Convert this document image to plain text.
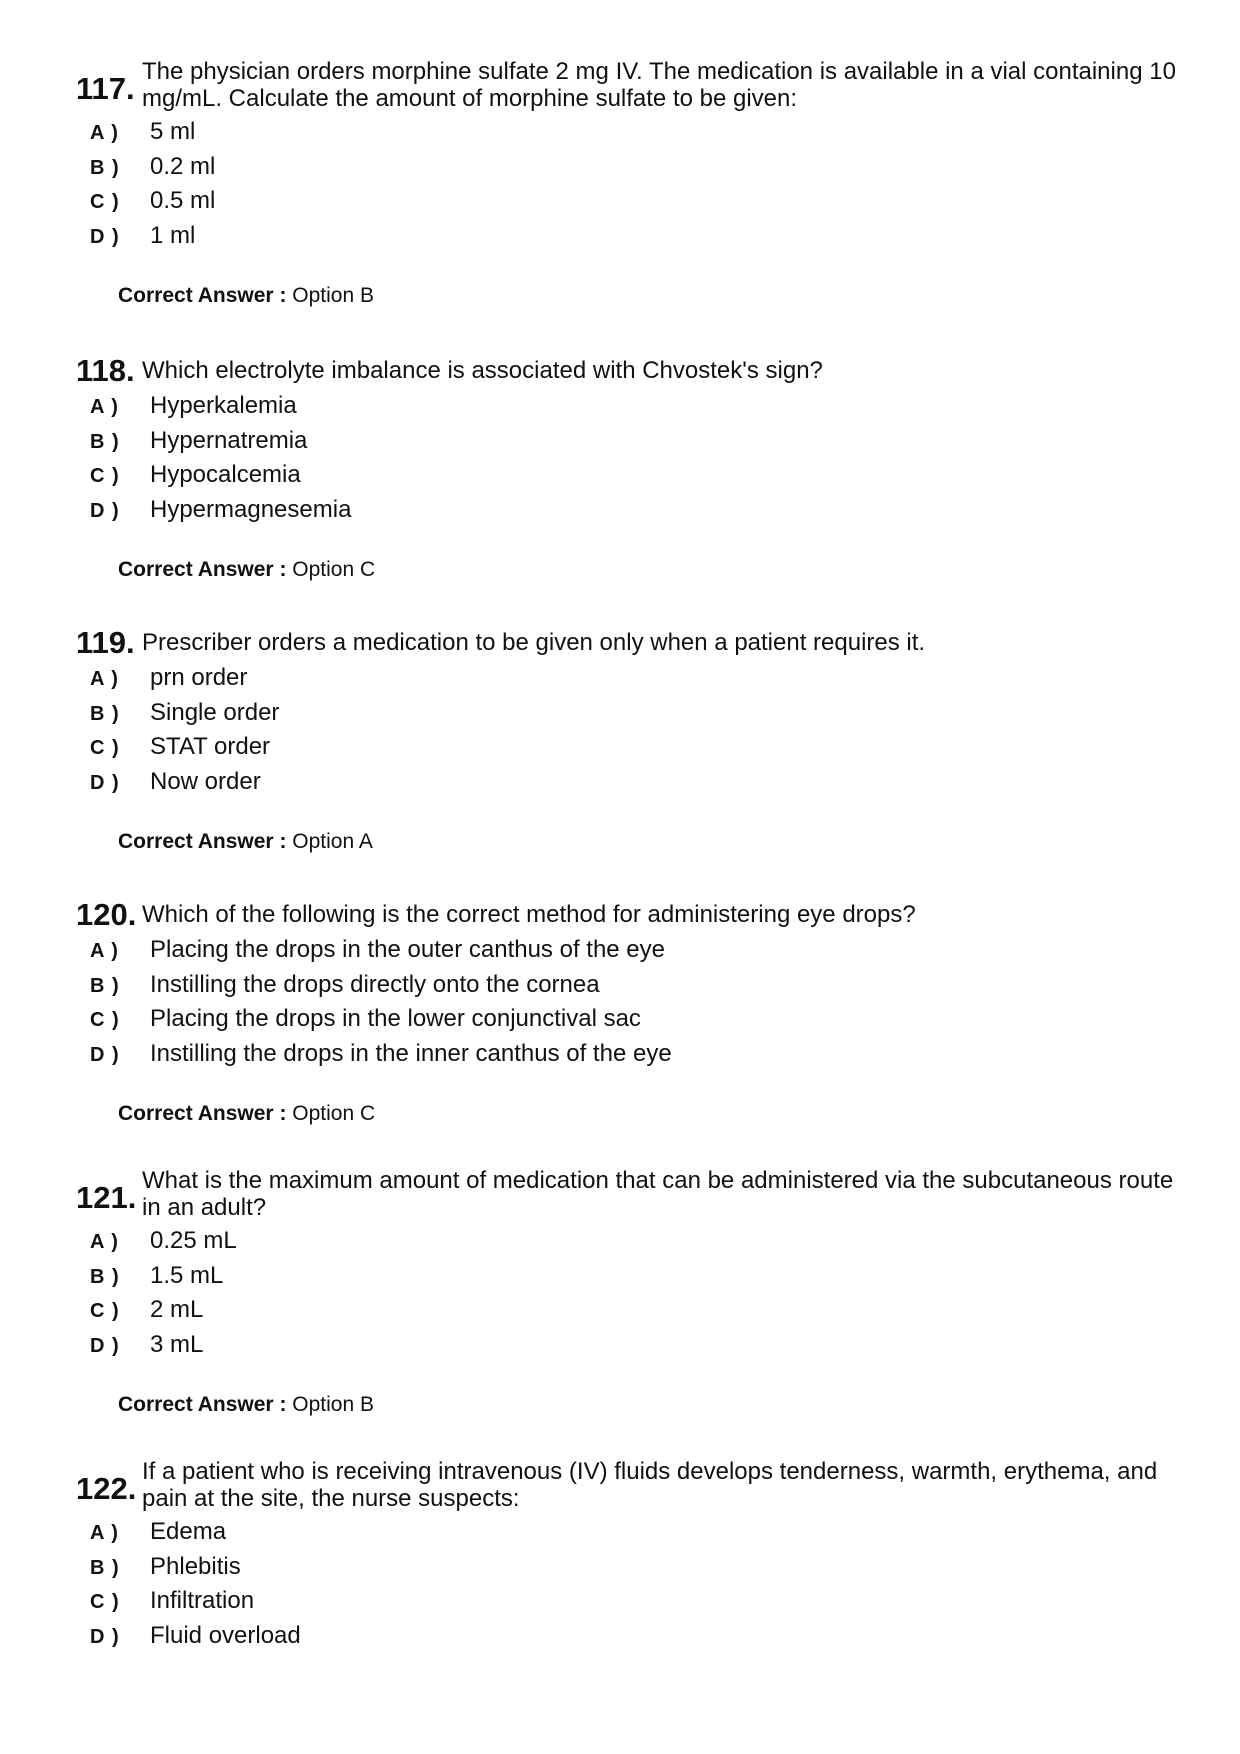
117. The physician orders morphine sulfate 2 mg IV. The medication is available in a vial containing 10 mg/mL. Calculate the amount of morphine sulfate to be given:
A )	5 ml
B )	0.2 ml
C )	0.5 ml
D )	1 ml
Correct Answer : Option B
118. Which electrolyte imbalance is associated with Chvostek's sign?
A )	Hyperkalemia
B )	Hypernatremia
C )	Hypocalcemia
D )	Hypermagnesemia
Correct Answer : Option C
119. Prescriber orders a medication to be given only when a patient requires it.
A )	prn order
B )	Single order
C )	STAT order
D )	Now order
Correct Answer : Option A
120. Which of the following is the correct method for administering eye drops?
A )	Placing the drops in the outer canthus of the eye
B )	Instilling the drops directly onto the cornea
C )	Placing the drops in the lower conjunctival sac
D )	Instilling the drops in the inner canthus of the eye
Correct Answer : Option C
121. What is the maximum amount of medication that can be administered via the subcutaneous route in an adult?
A )	0.25 mL
B )	1.5 mL
C )	2 mL
D )	3 mL
Correct Answer : Option B
122. If a patient who is receiving intravenous (IV) fluids develops tenderness, warmth, erythema, and pain at the site, the nurse suspects:
A )	Edema
B )	Phlebitis
C )	Infiltration
D )	Fluid overload
